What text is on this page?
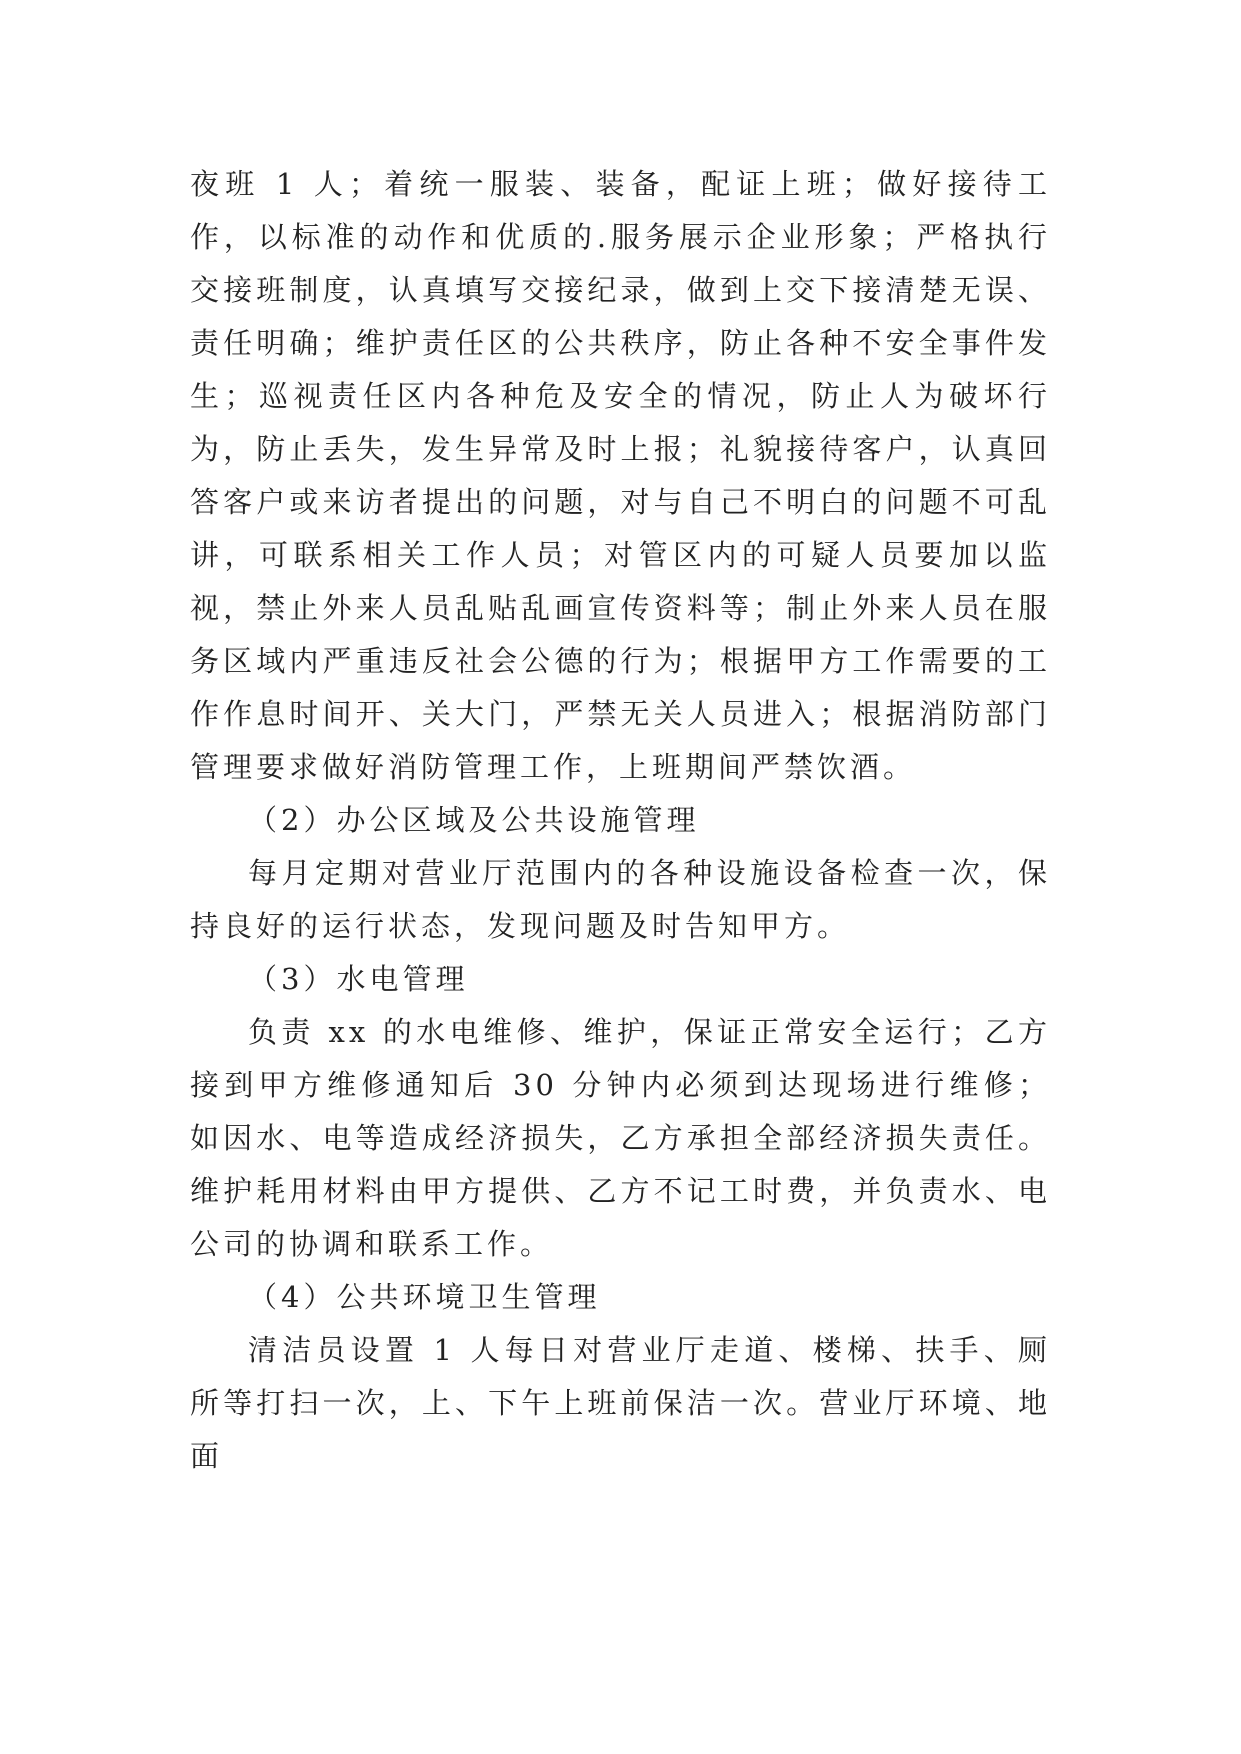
夜班 1 人；着统一服装、装备，配证上班；做好接待工作，以标准的动作和优质的.服务展示企业形象；严格执行交接班制度，认真填写交接纪录，做到上交下接清楚无误、责任明确；维护责任区的公共秩序，防止各种不安全事件发生；巡视责任区内各种危及安全的情况，防止人为破坏行为，防止丢失，发生异常及时上报；礼貌接待客户，认真回答客户或来访者提出的问题，对与自己不明白的问题不可乱讲，可联系相关工作人员；对管区内的可疑人员要加以监视，禁止外来人员乱贴乱画宣传资料等；制止外来人员在服务区域内严重违反社会公德的行为；根据甲方工作需要的工作作息时间开、关大门，严禁无关人员进入；根据消防部门管理要求做好消防管理工作，上班期间严禁饮酒。

（2）办公区域及公共设施管理

每月定期对营业厅范围内的各种设施设备检查一次，保持良好的运行状态，发现问题及时告知甲方。

（3）水电管理

负责 xx 的水电维修、维护，保证正常安全运行；乙方接到甲方维修通知后 30 分钟内必须到达现场进行维修；如因水、电等造成经济损失，乙方承担全部经济损失责任。维护耗用材料由甲方提供、乙方不记工时费，并负责水、电公司的协调和联系工作。

（4）公共环境卫生管理

清洁员设置 1 人每日对营业厅走道、楼梯、扶手、厕所等打扫一次，上、下午上班前保洁一次。营业厅环境、地面
